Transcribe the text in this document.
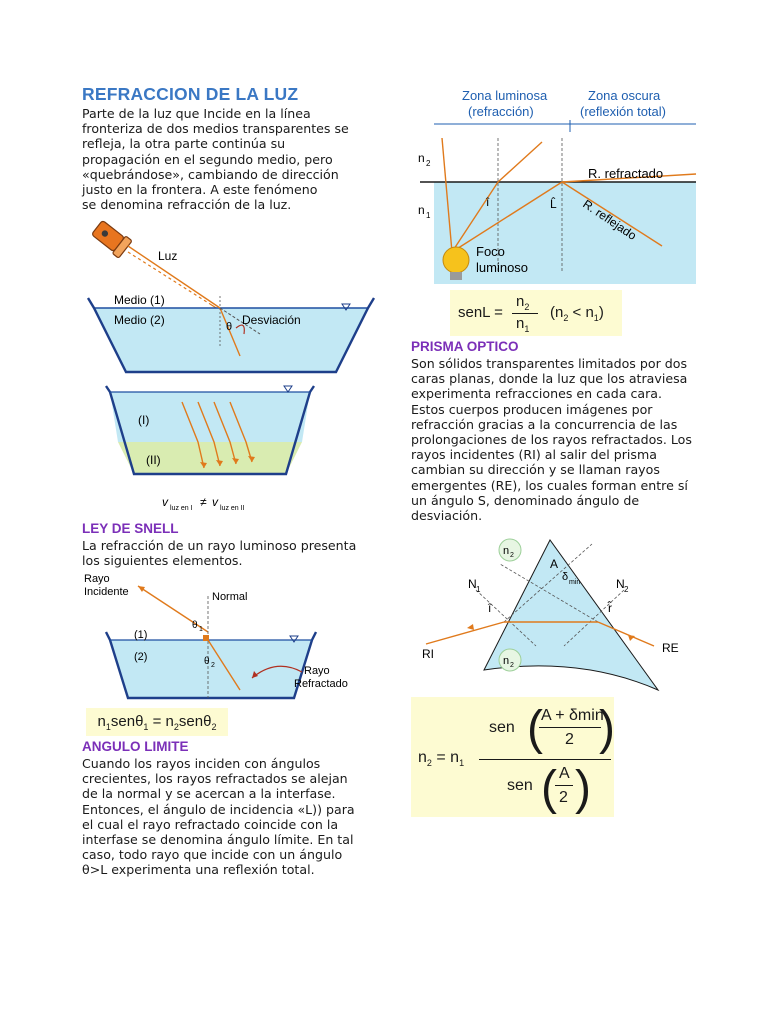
REFRACCION DE LA LUZ
Parte de la luz que Incide en la línea
fronteriza de dos medios transparentes se
refleja, la otra parte continúa su
propagación en el segundo medio, pero
«quebrándose», cambiando de dirección
justo en la frontera. A este fenómeno
se denomina refracción de la luz.
Luz
Medio (1)
Medio (2)	θ Desviación
(I)
(II)
v luz en I ≠ v luz en II
LEY DE SNELL
La refracción de un rayo luminoso presenta
los siguientes elementos.
Rayo
Incidente	Normal
θ 1
θ 2
(1)
(2)
Rayo
Refractado
$n_1sen\theta_1 = n_2sen\theta_2$
ANGULO LIMITE
Cuando los rayos inciden con ángulos
crecientes, los rayos refractados se alejan
de la normal y se acercan a la interfase.
Entonces, el ángulo de incidencia «L)) para
el cual el rayo refractado coincide con la
interfase se denomina ángulo límite. En tal
caso, todo rayo que incide con un ángulo
θ>L experimenta una reflexión total.
Zona luminosa
(refracción)
Zona oscura
(reflexión total)
n 2
n 1
R. refractado
R. reflejado
î	L̂
Foco
luminoso
senL =
$n_2$
$n_1$
$(n_2 < n_1)$
PRISMA OPTICO
Son sólidos transparentes limitados por dos
caras planas, donde la luz que los atraviesa
experimenta refracciones en cada cara.
Estos cuerpos producen imágenes por
refracción gracias a la concurrencia de las
prolongaciones de los rayos refractados. Los
rayos incidentes (RI) al salir del prisma
cambian su dirección y se llaman rayos
emergentes (RE), los cuales forman entre sí
un ángulo S, denominado ángulo de
desviación.
n 2
A
δ min
N 1	N 2
î	r̂
RI	RE
n 2
$n_2 = n_1$
sen (
A + δmin
2 )
sen ( A
2 )
